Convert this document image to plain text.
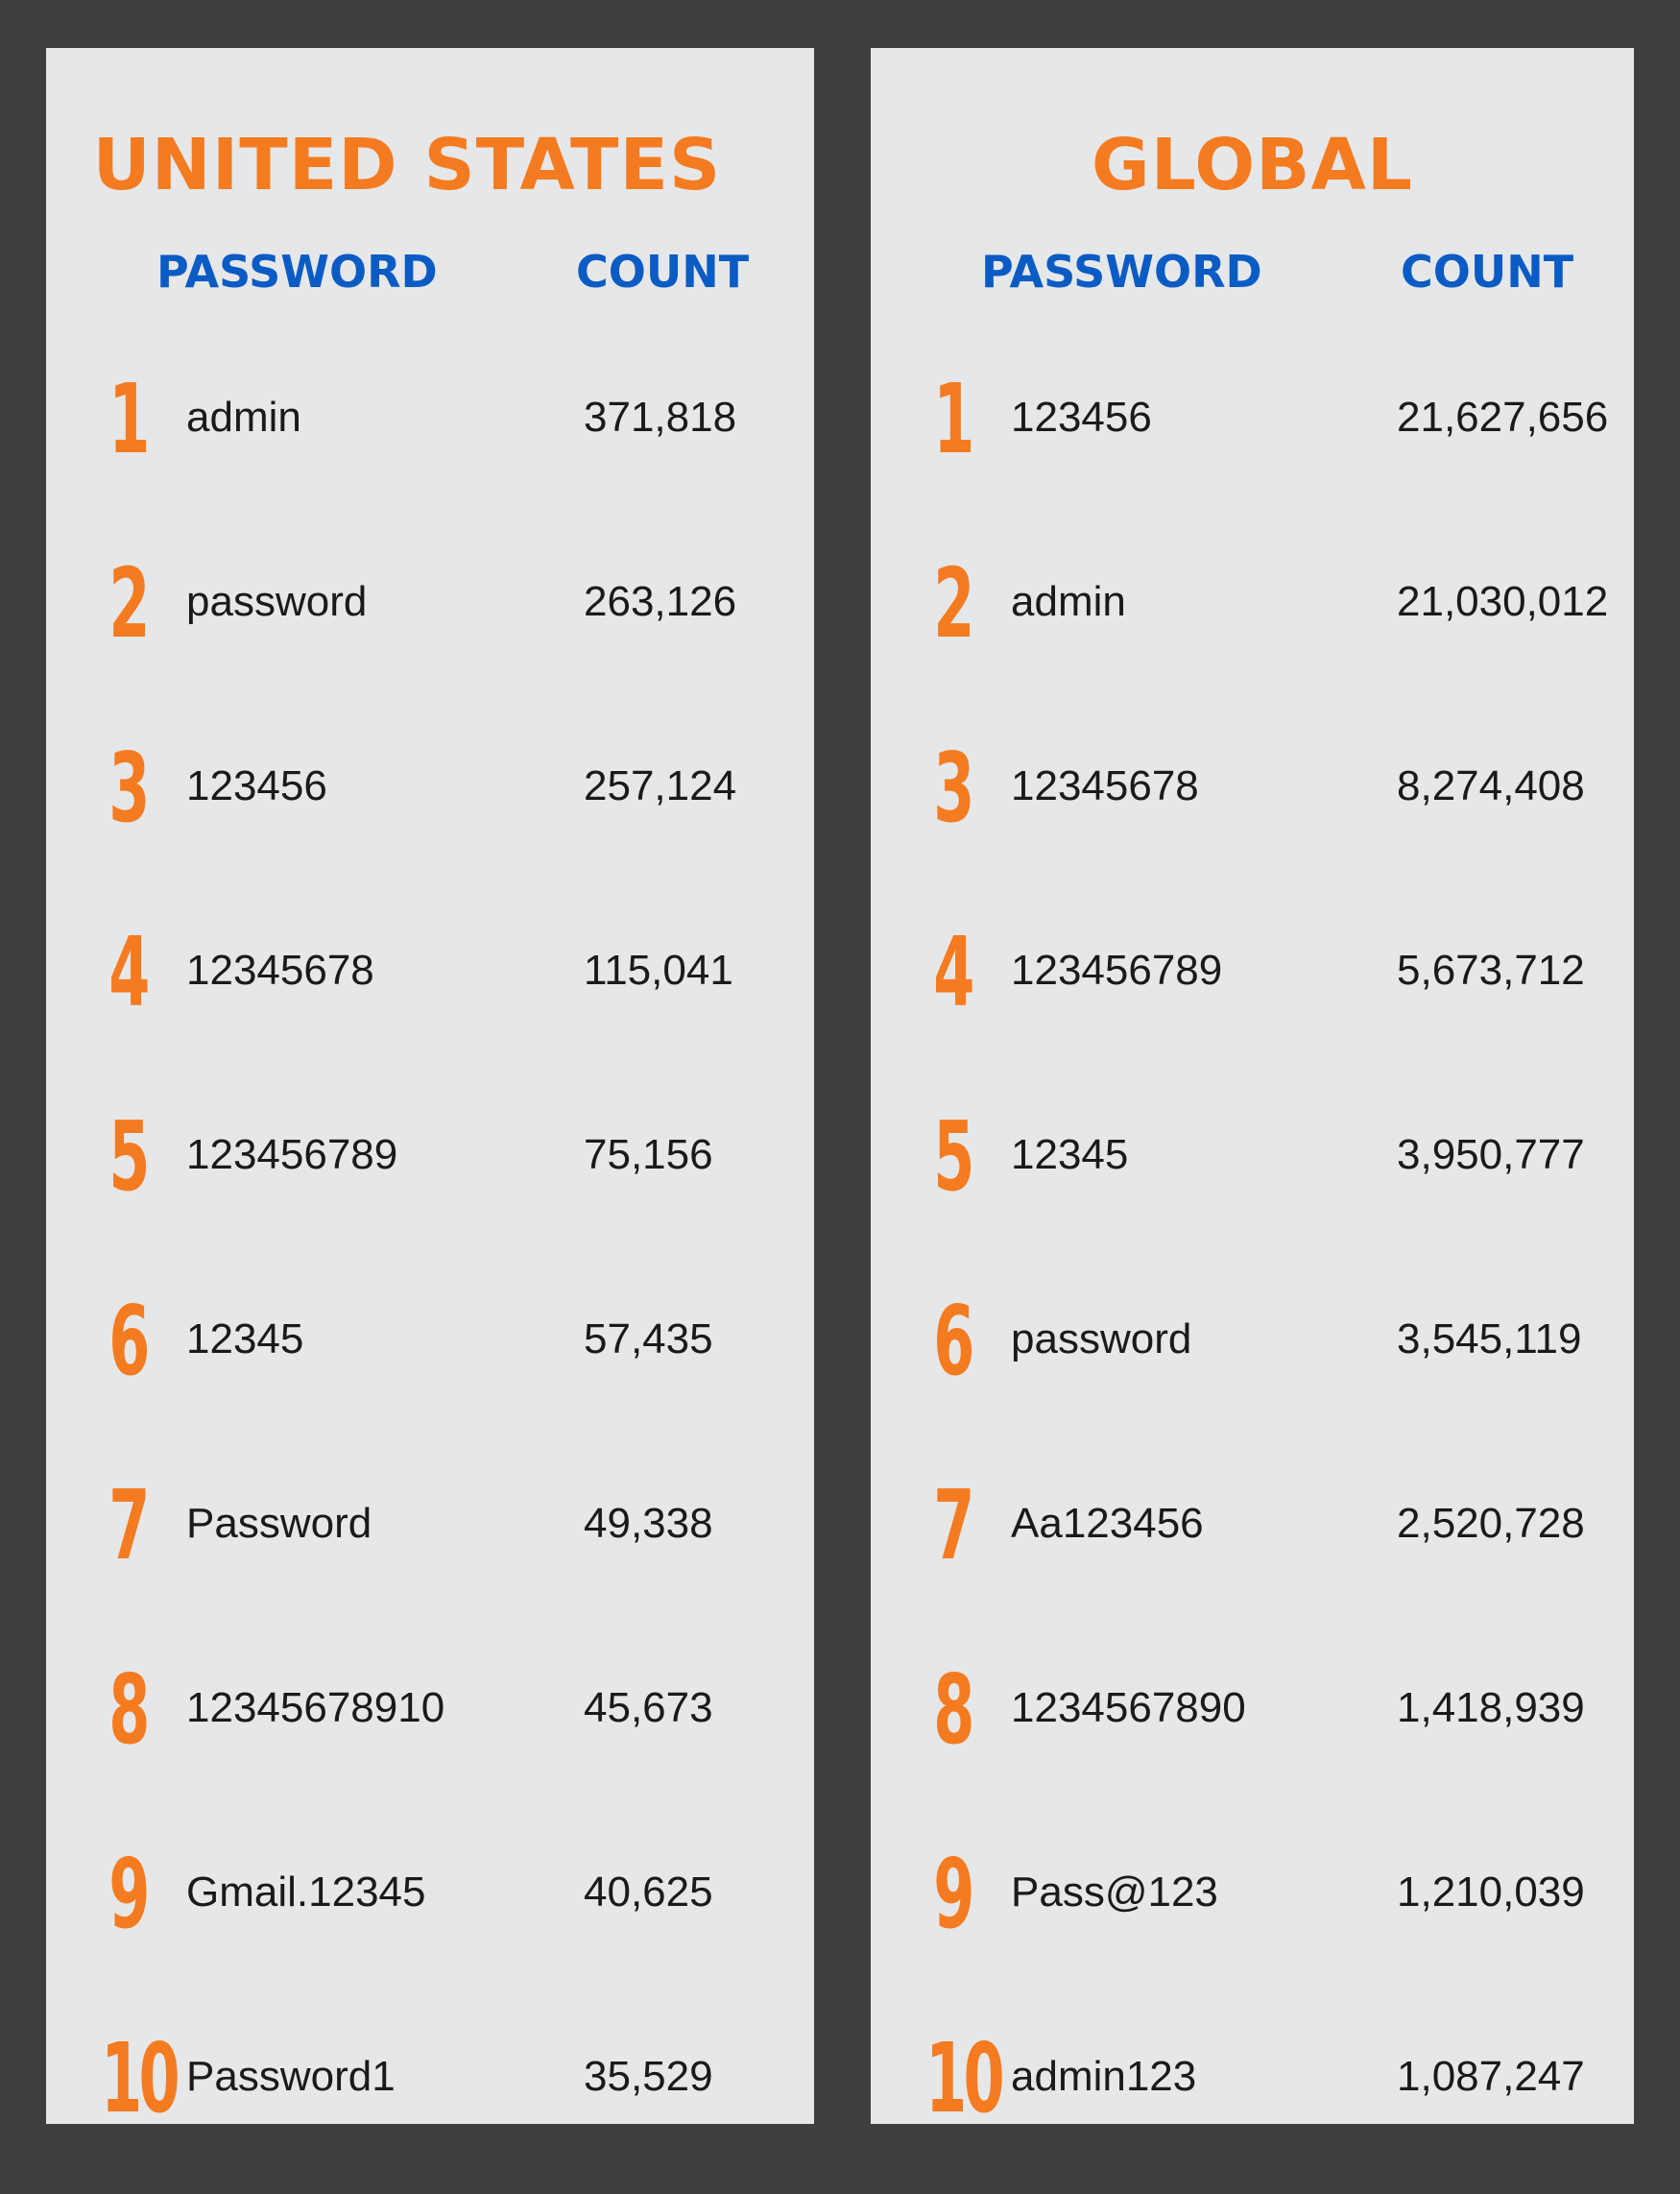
UNITED STATES
PASSWORD	COUNT
1 admin	371,818
2 password	263,126
3 123456	257,124
4 12345678	115,041
5 123456789	75,156
6 12345	57,435
7 Password	49,338
8 12345678910	45,673
9 Gmail.12345	40,625
10 Password1	35,529
GLOBAL
PASSWORD	COUNT
1 123456	21,627,656
2 admin	21,030,012
3 12345678	8,274,408
4 123456789	5,673,712
5 12345	3,950,777
6 password	3,545,119
7 Aa123456	2,520,728
8 1234567890	1,418,939
9 Pass@123	1,210,039
10 admin123	1,087,247
